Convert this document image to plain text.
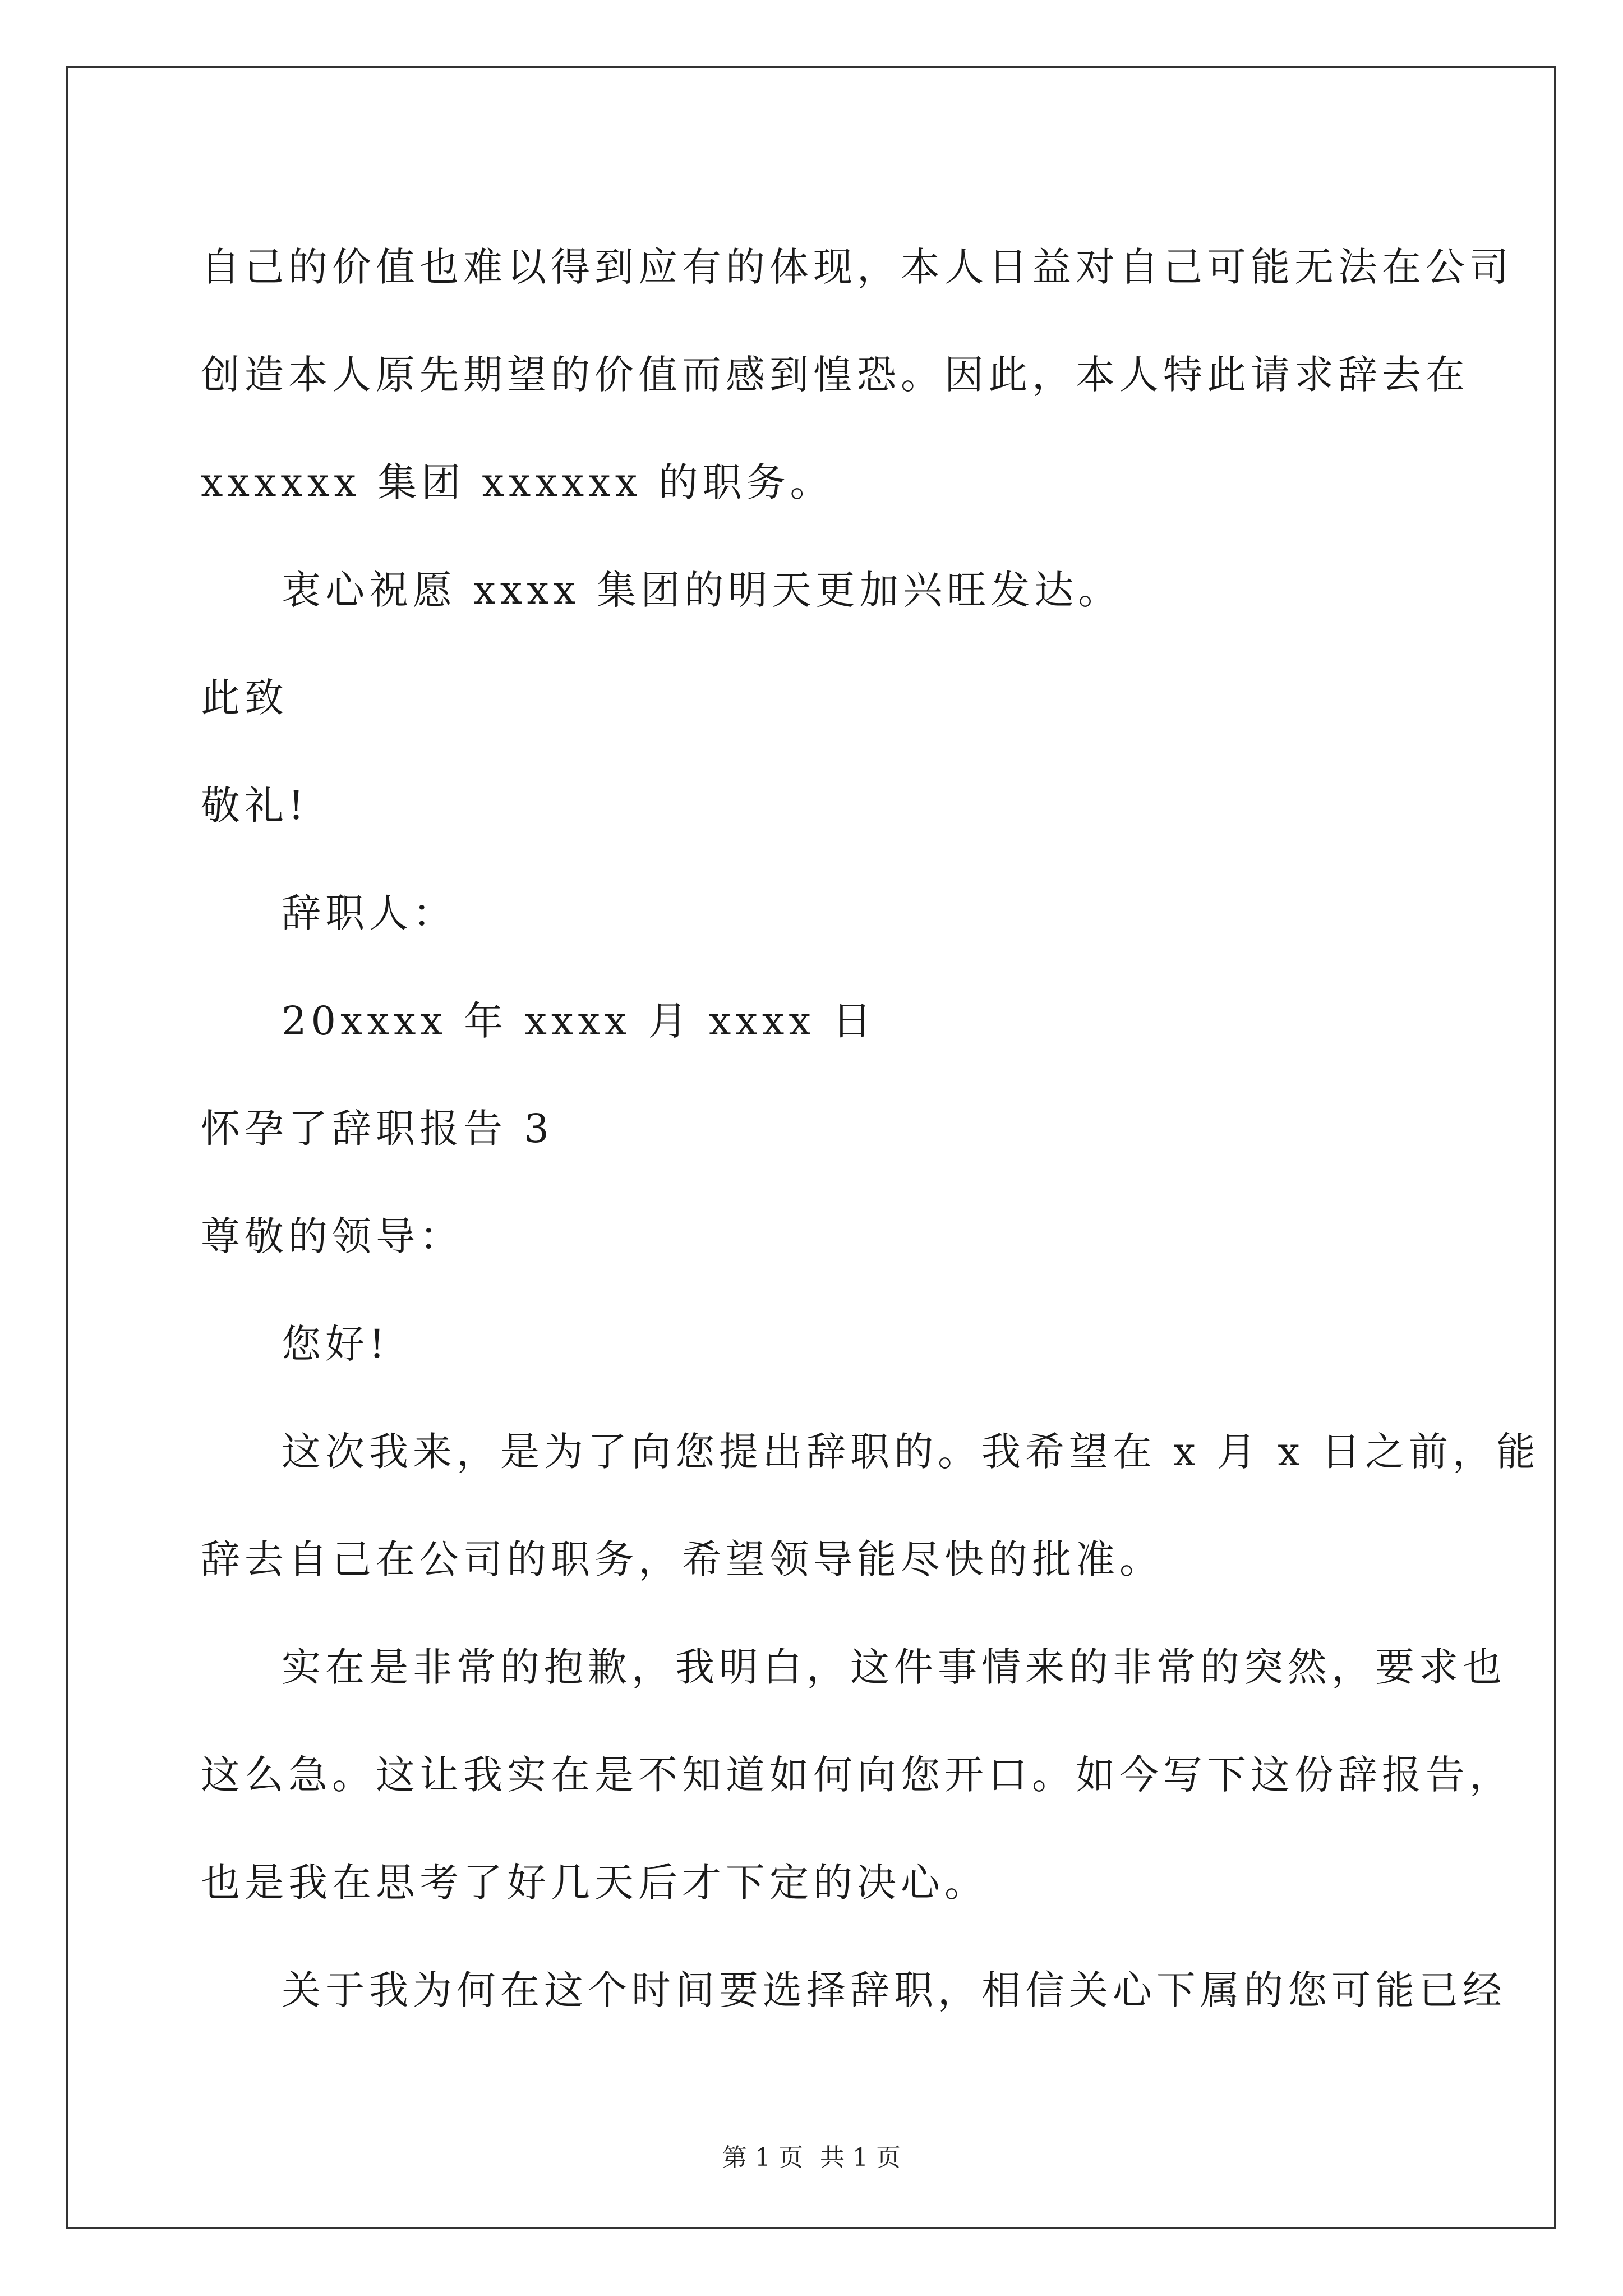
自己的价值也难以得到应有的体现，本人日益对自己可能无法在公司
创造本人原先期望的价值而感到惶恐。因此，本人特此请求辞去在
xxxxxx 集团 xxxxxx 的职务。
衷心祝愿 xxxx 集团的明天更加兴旺发达。
此致
敬礼!
辞职人：
20xxxx 年 xxxx 月 xxxx 日
怀孕了辞职报告 3
尊敬的领导：
您好!
这次我来，是为了向您提出辞职的。我希望在 x 月 x 日之前，能
辞去自己在公司的职务，希望领导能尽快的批准。
实在是非常的抱歉，我明白，这件事情来的非常的突然，要求也
这么急。这让我实在是不知道如何向您开口。如今写下这份辞报告，
也是我在思考了好几天后才下定的决心。
关于我为何在这个时间要选择辞职，相信关心下属的您可能已经
第 1 页 共 1 页
